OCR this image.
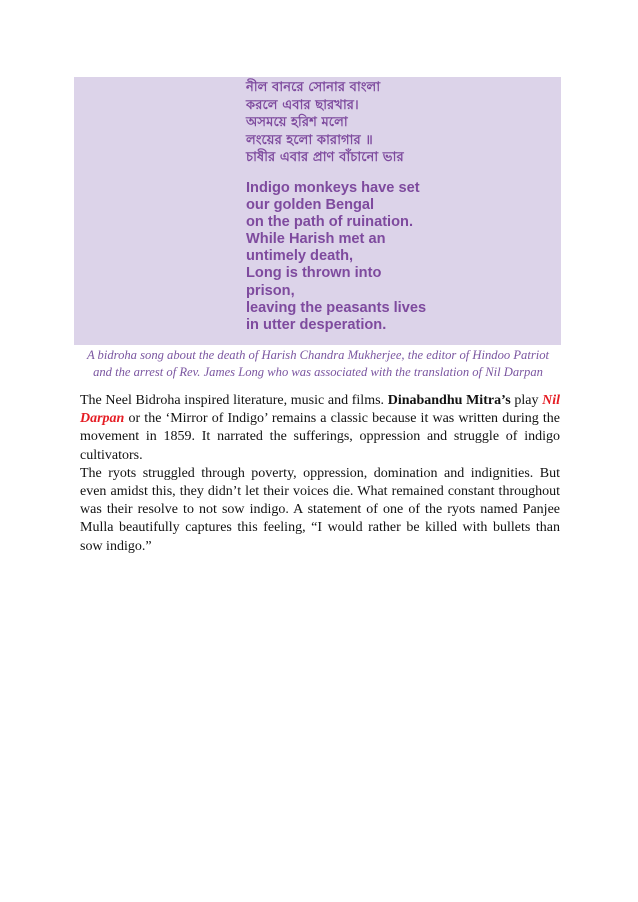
নীল বানরে সোনার বাংলা
করলে এবার ছারখার।
অসময়ে হরিশ মলো
লংয়ের হলো কারাগার ॥
চাষীর এবার প্রাণ বাঁচানো ভার
Indigo monkeys have set
our golden Bengal
on the path of ruination.
While Harish met an
untimely death,
Long is thrown into
prison,
leaving the peasants lives
in utter desperation.
A bidroha song about the death of Harish Chandra Mukherjee, the editor of Hindoo Patriot
and the arrest of Rev. James Long who was associated with the translation of Nil Darpan

The Neel Bidroha inspired literature, music and films. Dinabandhu Mitra’s play Nil Darpan or the ‘Mirror of Indigo’ remains a classic because it was written during the movement in 1859. It narrated the sufferings, oppression and struggle of indigo cultivators.

The ryots struggled through poverty, oppression, domination and indignities. But even amidst this, they didn’t let their voices die. What remained constant throughout was their resolve to not sow indigo. A statement of one of the ryots named Panjee Mulla beautifully captures this feeling, “I would rather be killed with bullets than sow indigo.”
